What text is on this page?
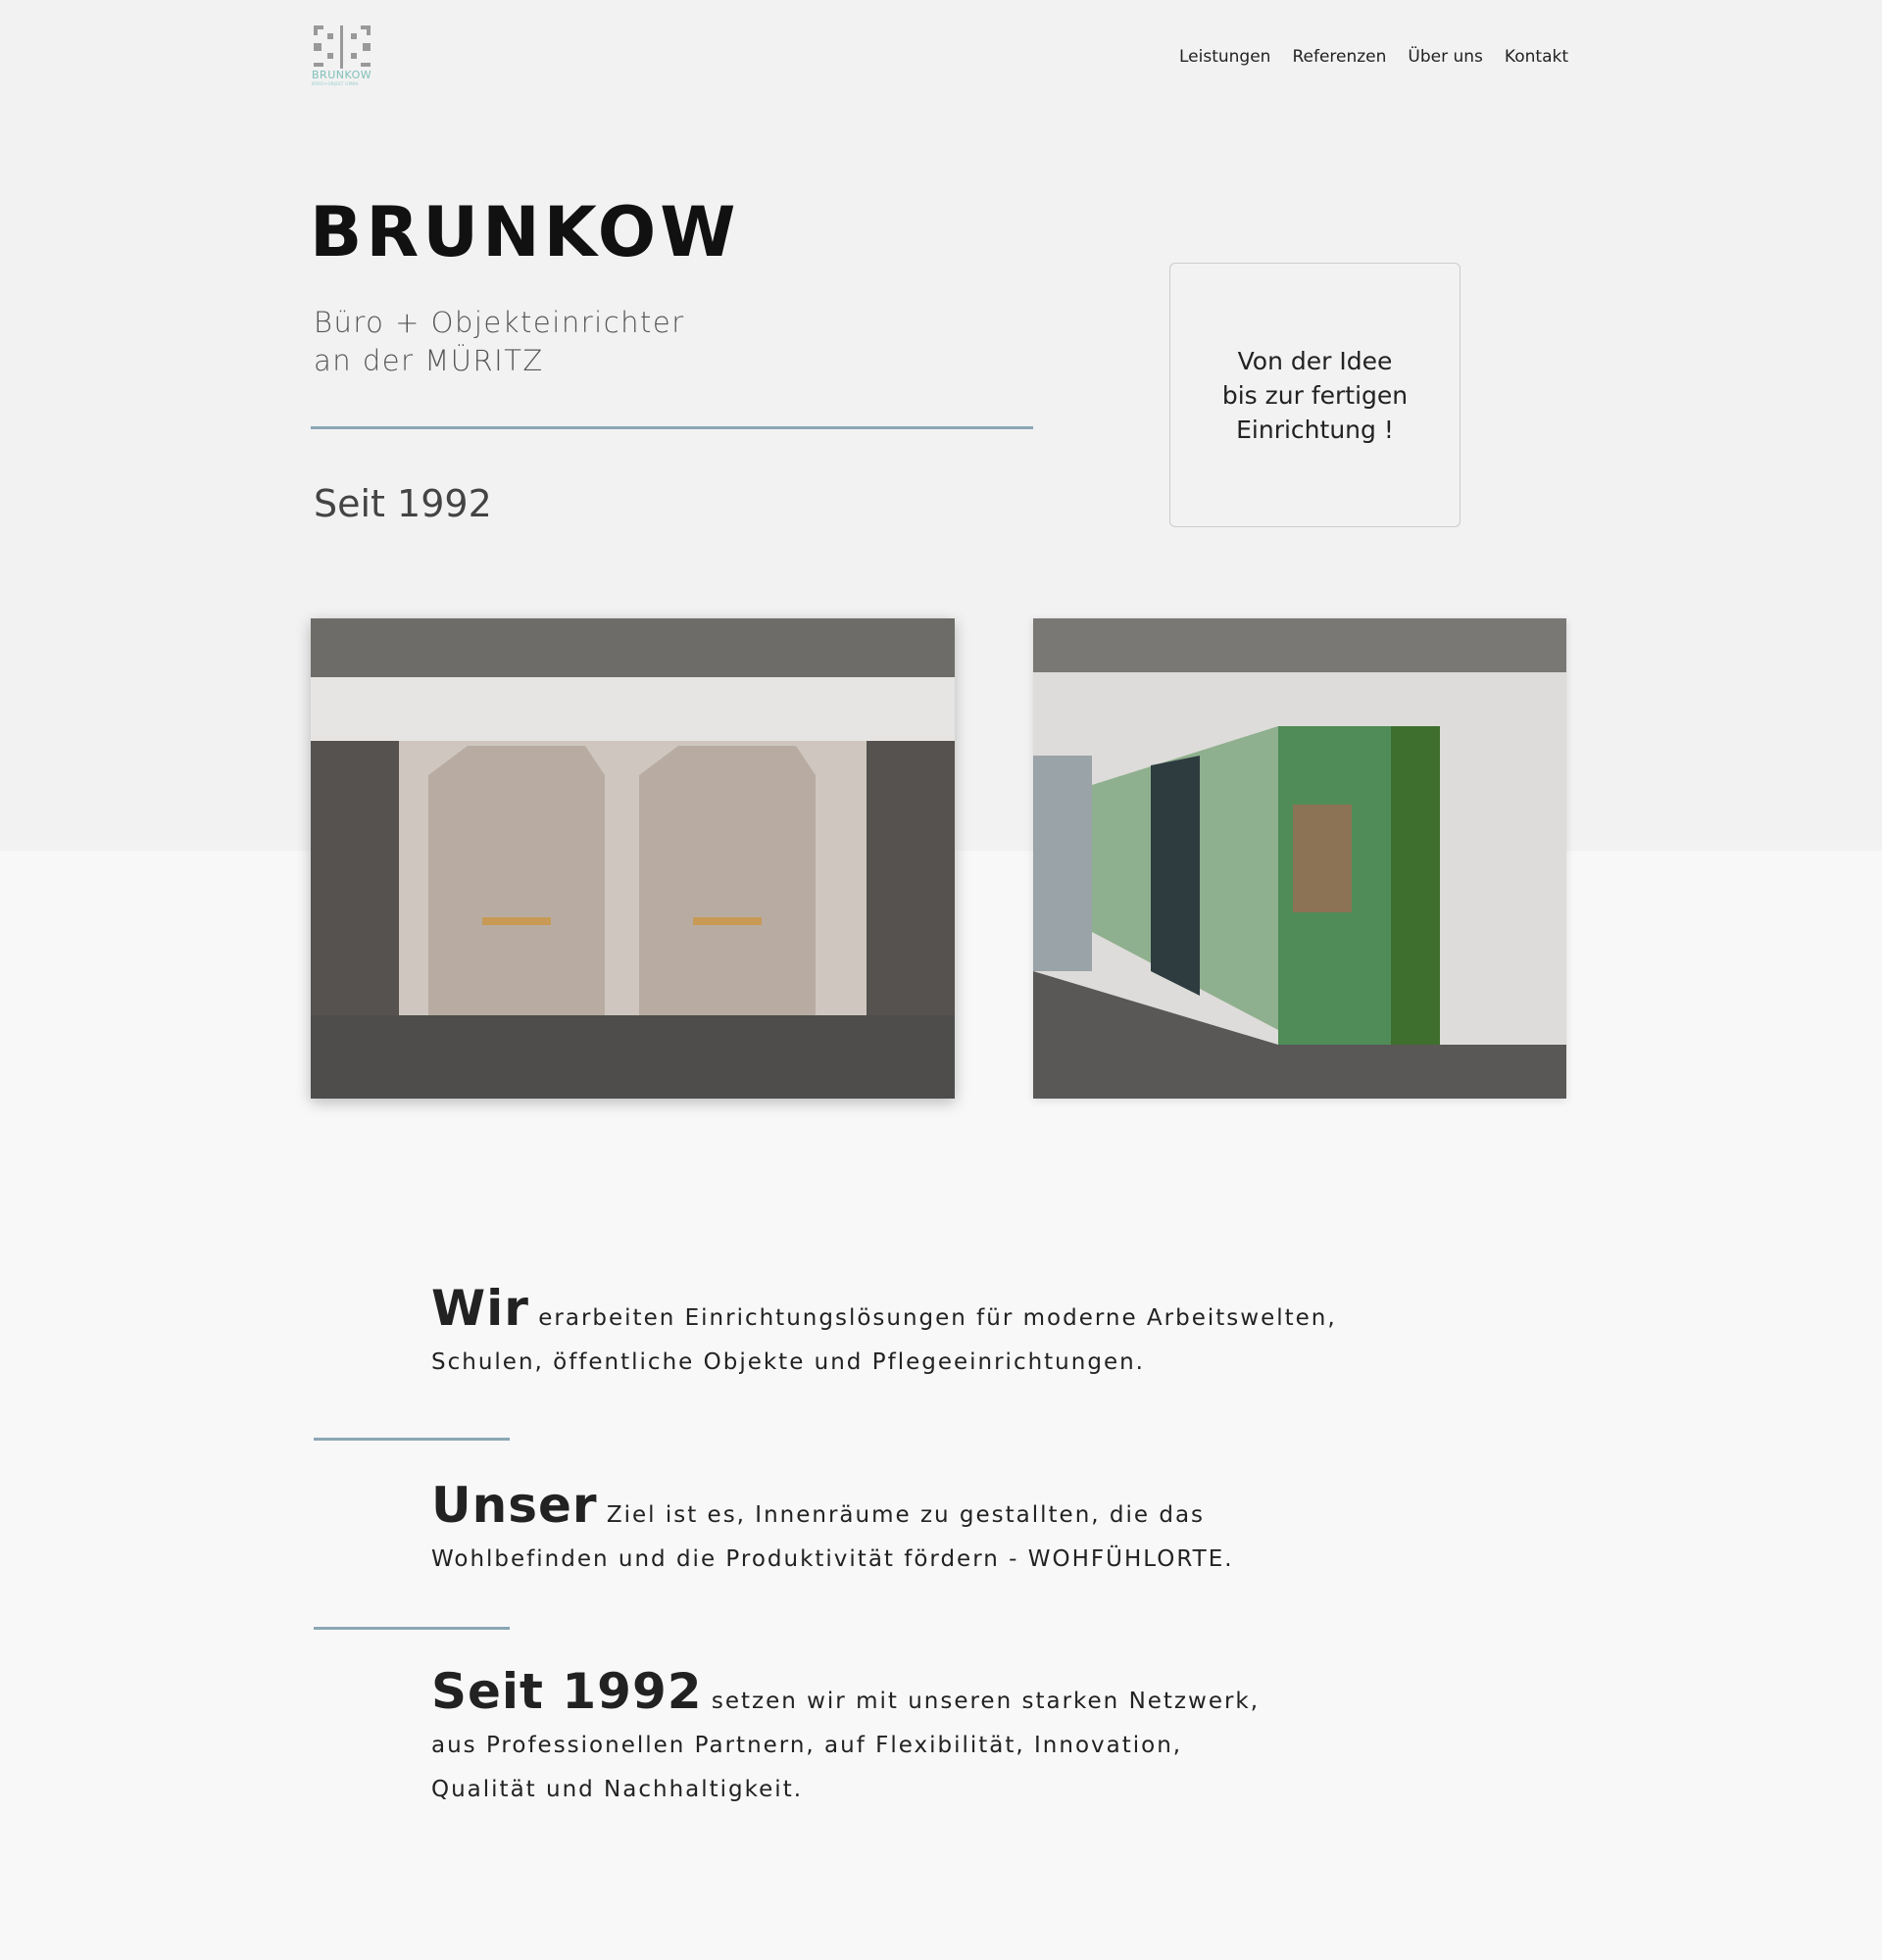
BRUNKOW
BÜRO+OBJEKT GMBH
Leistungen Referenzen Über uns Kontakt
BRUNKOW
Büro + Objekteinrichter
an der MÜRITZ
Seit 1992
Von der Idee
bis zur fertigen
Einrichtung !
Wir erarbeiten Einrichtungslösungen für moderne Arbeitswelten,
Schulen, öffentliche Objekte und Pflegeeinrichtungen.
Unser Ziel ist es, Innenräume zu gestallten, die das
Wohlbefinden und die Produktivität fördern - WOHFÜHLORTE.
Seit 1992 setzen wir mit unseren starken Netzwerk,
aus Professionellen Partnern, auf Flexibilität, Innovation,
Qualität und Nachhaltigkeit.
